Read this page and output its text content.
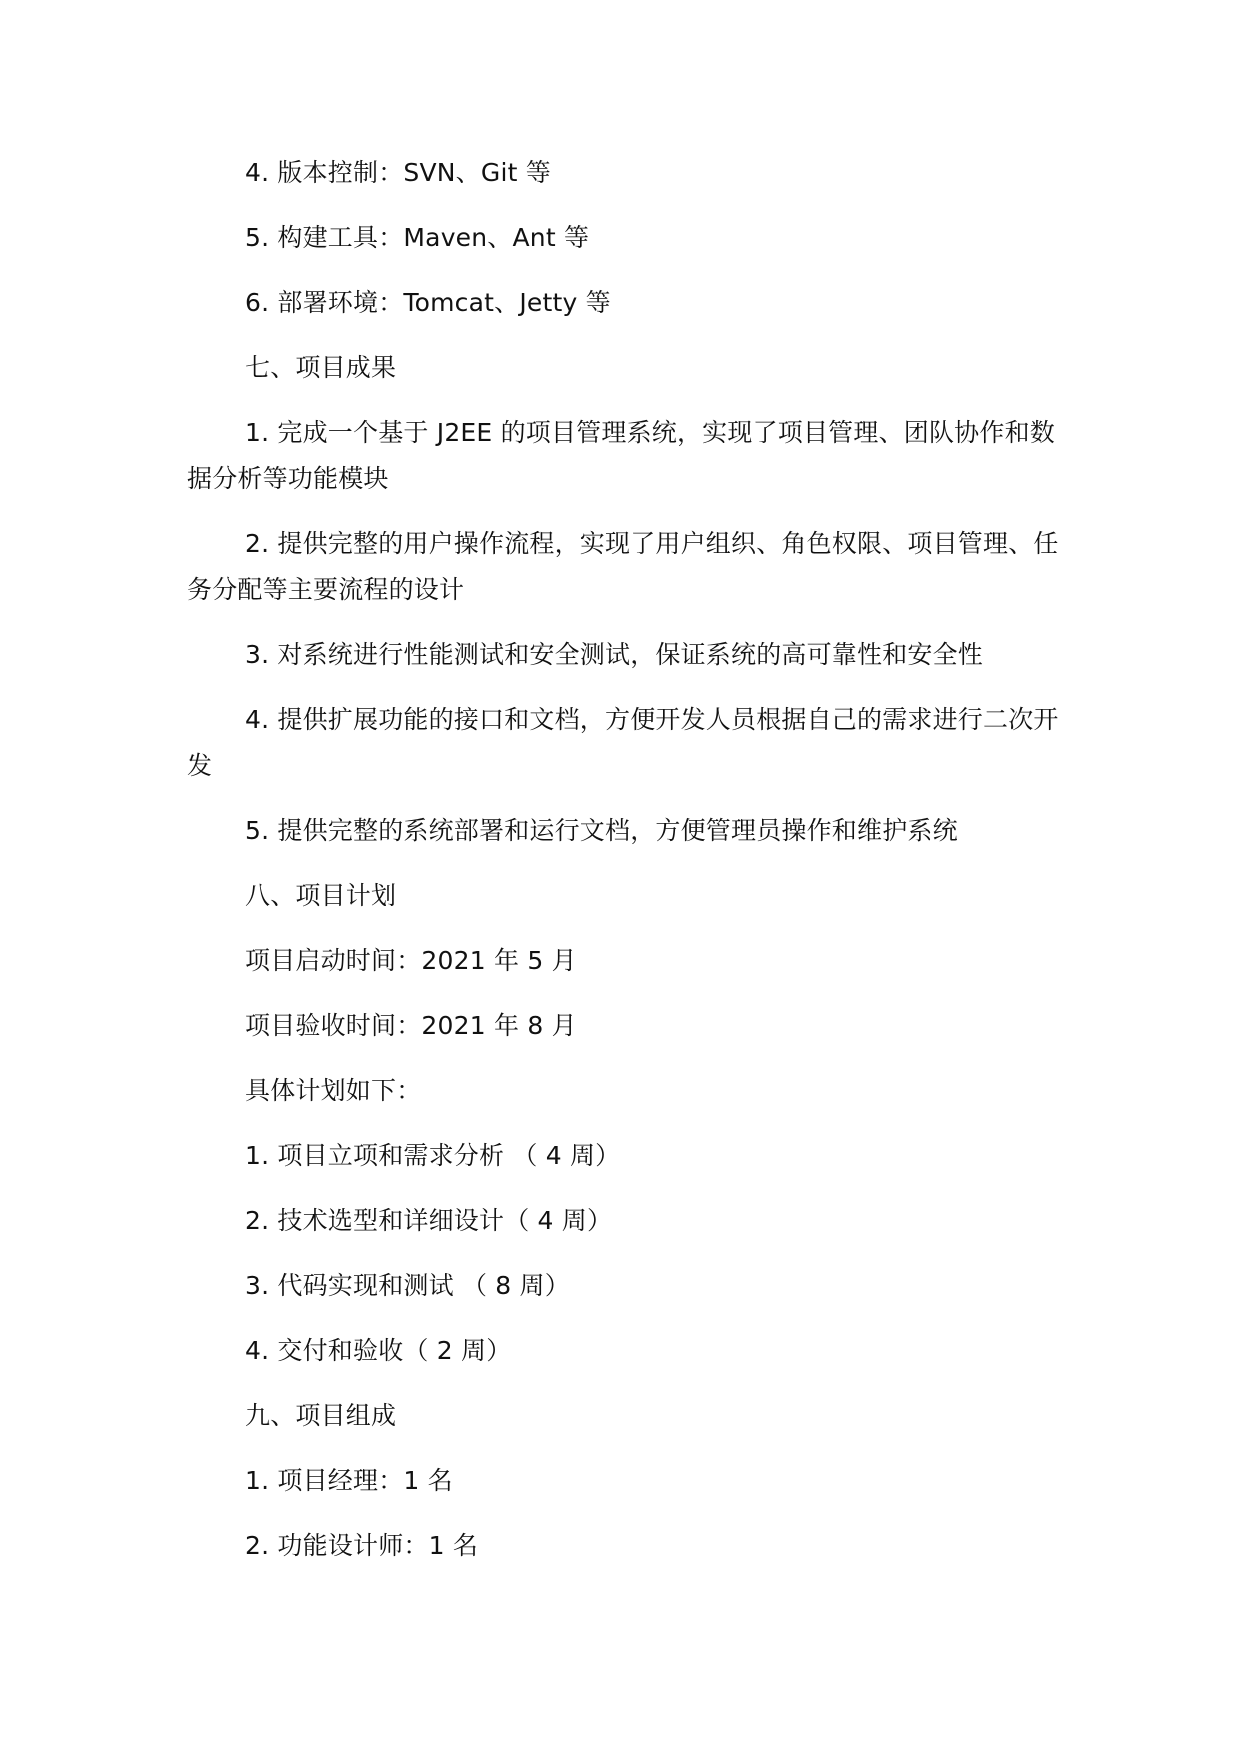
4. 版本控制：SVN、Git 等

5. 构建工具：Maven、Ant 等

6. 部署环境：Tomcat、Jetty 等

七、项目成果

1. 完成一个基于 J2EE 的项目管理系统，实现了项目管理、团队协作和数据分析等功能模块

2. 提供完整的用户操作流程，实现了用户组织、角色权限、项目管理、任务分配等主要流程的设计

3. 对系统进行性能测试和安全测试，保证系统的高可靠性和安全性

4. 提供扩展功能的接口和文档，方便开发人员根据自己的需求进行二次开发

5. 提供完整的系统部署和运行文档，方便管理员操作和维护系统

八、项目计划

项目启动时间：2021 年 5 月

项目验收时间：2021 年 8 月

具体计划如下：

1. 项目立项和需求分析 （ 4 周）

2. 技术选型和详细设计（ 4 周）

3. 代码实现和测试 （ 8 周）

4. 交付和验收（ 2 周）

九、项目组成

1. 项目经理：1 名

2. 功能设计师：1 名
